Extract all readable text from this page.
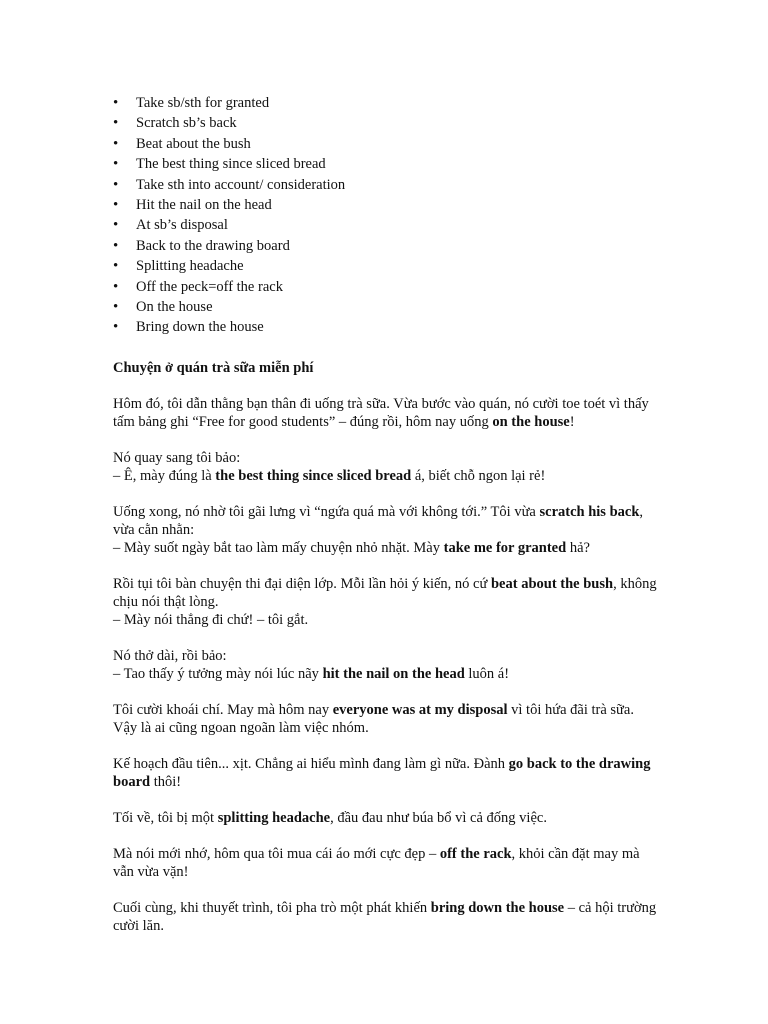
• Take sb/sth for granted
• Scratch sb’s back
• Beat about the bush
• The best thing since sliced bread
• Take sth into account/ consideration
• Hit the nail on the head
• At sb’s disposal
• Back to the drawing board
• Splitting headache
• Off the peck=off the rack
• On the house
• Bring down the house
Chuyện ở quán trà sữa miễn phí
Hôm đó, tôi dẫn thằng bạn thân đi uống trà sữa. Vừa bước vào quán, nó cười toe toét vì thấy
tấm bảng ghi “Free for good students” – đúng rồi, hôm nay uống on the house!
Nó quay sang tôi bảo:
– Ê, mày đúng là the best thing since sliced bread á, biết chỗ ngon lại rẻ!
Uống xong, nó nhờ tôi gãi lưng vì “ngứa quá mà với không tới.” Tôi vừa scratch his back,
vừa cằn nhằn:
– Mày suốt ngày bắt tao làm mấy chuyện nhỏ nhặt. Mày take me for granted hả?
Rồi tụi tôi bàn chuyện thi đại diện lớp. Mỗi lần hỏi ý kiến, nó cứ beat about the bush, không
chịu nói thật lòng.
– Mày nói thẳng đi chứ! – tôi gắt.
Nó thở dài, rồi bảo:
– Tao thấy ý tưởng mày nói lúc nãy hit the nail on the head luôn á!
Tôi cười khoái chí. May mà hôm nay everyone was at my disposal vì tôi hứa đãi trà sữa.
Vậy là ai cũng ngoan ngoãn làm việc nhóm.
Kế hoạch đầu tiên... xịt. Chẳng ai hiểu mình đang làm gì nữa. Đành go back to the drawing
board thôi!
Tối về, tôi bị một splitting headache, đầu đau như búa bổ vì cả đống việc.
Mà nói mới nhớ, hôm qua tôi mua cái áo mới cực đẹp – off the rack, khỏi cần đặt may mà
vẫn vừa vặn!
Cuối cùng, khi thuyết trình, tôi pha trò một phát khiến bring down the house – cả hội trường
cười lăn.
